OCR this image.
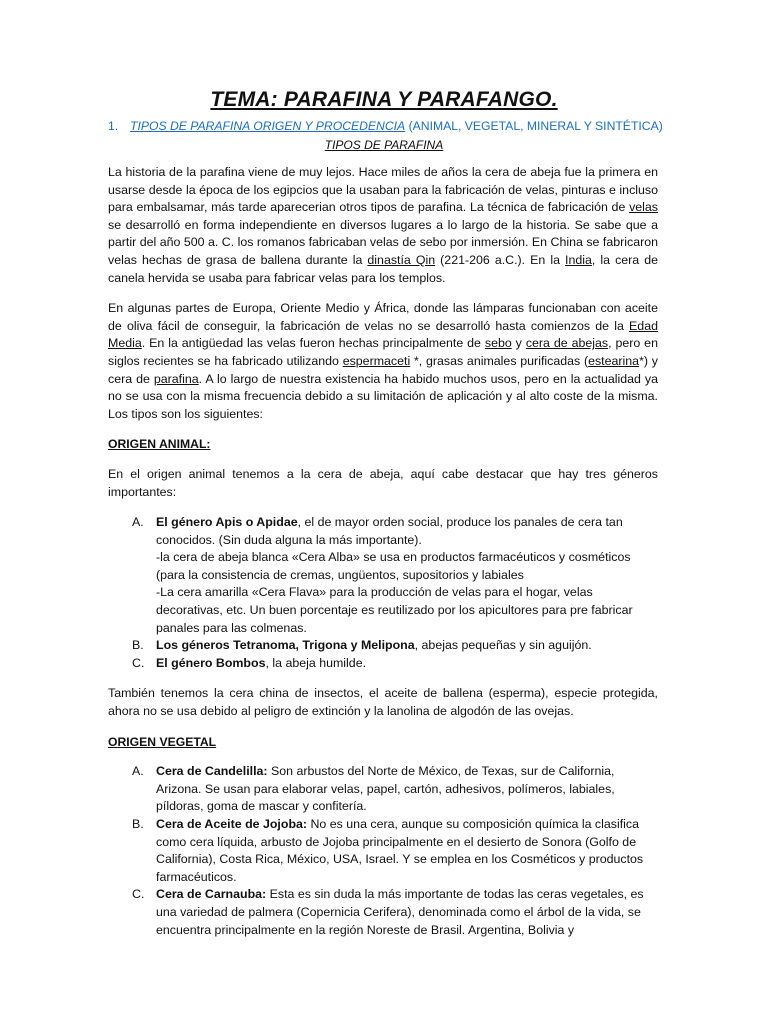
TEMA: PARAFINA Y PARAFANGO.
1. TIPOS DE PARAFINA ORIGEN Y PROCEDENCIA (ANIMAL, VEGETAL, MINERAL Y SINTÉTICA)
TIPOS DE PARAFINA

La historia de la parafina viene de muy lejos. Hace miles de años la cera de abeja fue la primera en usarse desde la época de los egipcios que la usaban para la fabricación de velas, pinturas e incluso para embalsamar, más tarde aparecerian otros tipos de parafina. La técnica de fabricación de velas se desarrolló en forma independiente en diversos lugares a lo largo de la historia. Se sabe que a partir del año 500 a. C. los romanos fabricaban velas de sebo por inmersión. En China se fabricaron velas hechas de grasa de ballena durante la dinastía Qin (221-206 a.C.). En la India, la cera de canela hervida se usaba para fabricar velas para los templos.

En algunas partes de Europa, Oriente Medio y África, donde las lámparas funcionaban con aceite de oliva fácil de conseguir, la fabricación de velas no se desarrolló hasta comienzos de la Edad Media. En la antigüedad las velas fueron hechas principalmente de sebo y cera de abejas, pero en siglos recientes se ha fabricado utilizando espermaceti *, grasas animales purificadas (estearina*) y cera de parafina. A lo largo de nuestra existencia ha habido muchos usos, pero en la actualidad ya no se usa con la misma frecuencia debido a su limitación de aplicación y al alto coste de la misma. Los tipos son los siguientes:

ORIGEN ANIMAL:

En el origen animal tenemos a la cera de abeja, aquí cabe destacar que hay tres géneros importantes:

A. El género Apis o Apidae, el de mayor orden social, produce los panales de cera tan conocidos. (Sin duda alguna la más importante).
-la cera de abeja blanca «Cera Alba» se usa en productos farmacéuticos y cosméticos (para la consistencia de cremas, ungüentos, supositorios y labiales
-La cera amarilla «Cera Flava» para la producción de velas para el hogar, velas decorativas, etc. Un buen porcentaje es reutilizado por los apicultores para pre fabricar panales para las colmenas.
B. Los géneros Tetranoma, Trigona y Melipona, abejas pequeñas y sin aguijón.
C. El género Bombos, la abeja humilde.

También tenemos la cera china de insectos, el aceite de ballena (esperma), especie protegida, ahora no se usa debido al peligro de extinción y la lanolina de algodón de las ovejas.

ORIGEN VEGETAL
A. Cera de Candelilla: Son arbustos del Norte de México, de Texas, sur de California, Arizona. Se usan para elaborar velas, papel, cartón, adhesivos, polímeros, labiales, píldoras, goma de mascar y confitería.
B. Cera de Aceite de Jojoba: No es una cera, aunque su composición química la clasifica como cera líquida, arbusto de Jojoba principalmente en el desierto de Sonora (Golfo de California), Costa Rica, México, USA, Israel. Y se emplea en los Cosméticos y productos farmacéuticos.
C. Cera de Carnauba: Esta es sin duda la más importante de todas las ceras vegetales, es una variedad de palmera (Copernicia Cerifera), denominada como el árbol de la vida, se encuentra principalmente en la región Noreste de Brasil. Argentina, Bolivia y
